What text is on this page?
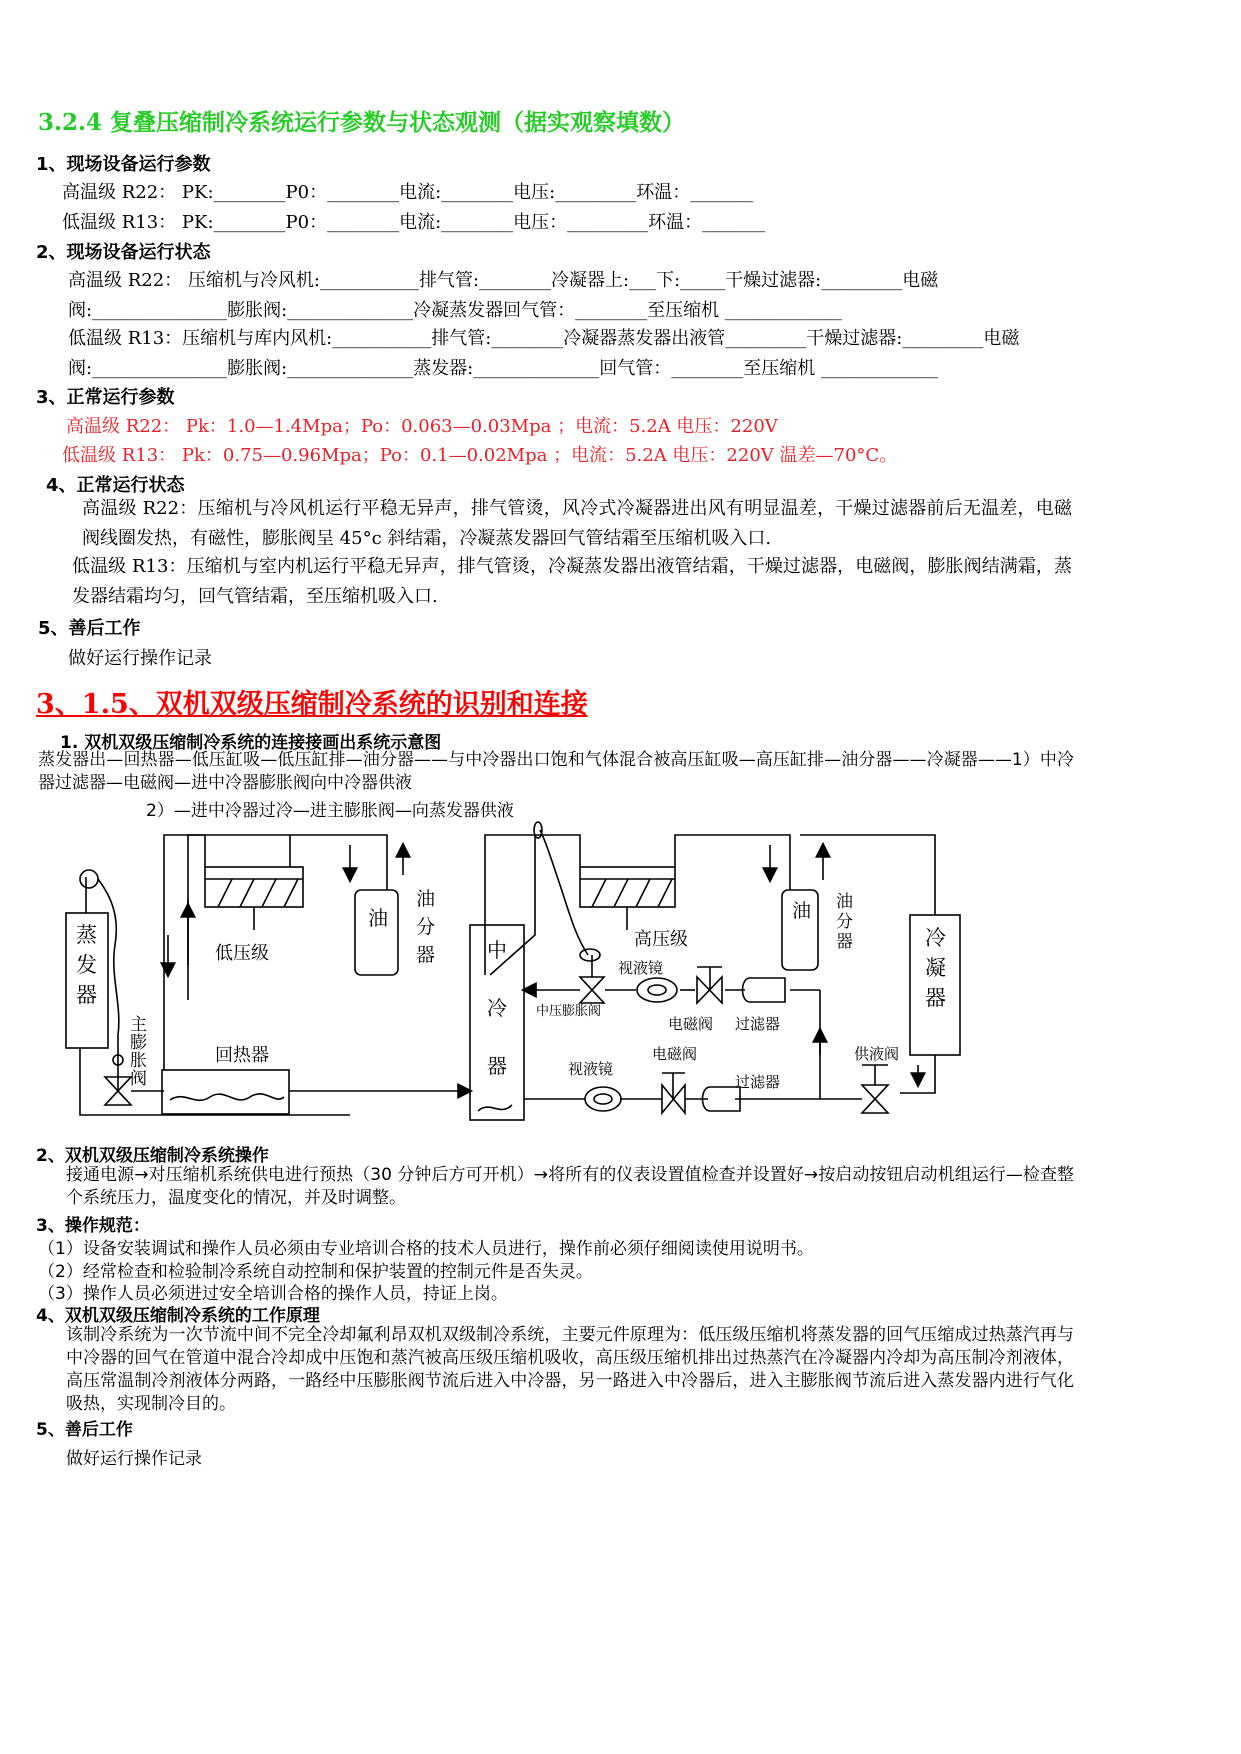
3.2.4 复叠压缩制冷系统运行参数与状态观测（据实观察填数）
1、现场设备运行参数
高温级 R22： PK:________P0：________电流:________电压:_________环温：_______
低温级 R13： PK:________P0：________电流:________电压：_________环温：_______
2、现场设备运行状态
高温级 R22： 压缩机与冷风机:___________排气管:________冷凝器上:___下:_____干燥过滤器:_________电磁
阀:_______________膨胀阀:______________冷凝蒸发器回气管：________至压缩机 _____________
低温级 R13：压缩机与库内风机:___________排气管:________冷凝器蒸发器出液管_________干燥过滤器:_________电磁
阀:_______________膨胀阀:______________蒸发器:______________回气管：________至压缩机 _____________
3、正常运行参数
高温级 R22： Pk：1.0—1.4Mpa；Po：0.063—0.03Mpa ；电流：5.2A 电压：220V
低温级 R13： Pk：0.75—0.96Mpa；Po：0.1—0.02Mpa ；电流：5.2A 电压：220V 温差—70°C。
4、正常运行状态
高温级 R22：压缩机与冷风机运行平稳无异声，排气管烫，风冷式冷凝器进出风有明显温差，干燥过滤器前后无温差，电磁阀线圈发热，有磁性，膨胀阀呈 45°c 斜结霜，冷凝蒸发器回气管结霜至压缩机吸入口.
低温级 R13：压缩机与室内机运行平稳无异声，排气管烫，冷凝蒸发器出液管结霜，干燥过滤器，电磁阀，膨胀阀结满霜，蒸发器结霜均匀，回气管结霜，至压缩机吸入口.
5、善后工作
做好运行操作记录
3、1.5、双机双级压缩制冷系统的识别和连接
1. 双机双级压缩制冷系统的连接接画出系统示意图
蒸发器出—回热器—低压缸吸—低压缸排—油分器——与中冷器出口饱和气体混合被高压缸吸—高压缸排—油分器——冷凝器——1）中冷器过滤器—电磁阀—进中冷器膨胀阀向中冷器供液
2）—进中冷器过冷—进主膨胀阀—向蒸发器供液
蒸
发
器
主
膨
胀
阀
低压级
回热器
油
油
分
器	中
冷
器
高压级
视液镜
中压膨胀阀
电磁阀 过滤器
视液镜
电磁阀
过滤器
油 油
分
器	冷
凝
器
供液阀
2、双机双级压缩制冷系统操作
接通电源→对压缩机系统供电进行预热（30 分钟后方可开机）→将所有的仪表设置值检查并设置好→按启动按钮启动机组运行—检查整个系统压力，温度变化的情况，并及时调整。
3、操作规范：
（1）设备安装调试和操作人员必须由专业培训合格的技术人员进行，操作前必须仔细阅读使用说明书。
（2）经常检查和检验制冷系统自动控制和保护装置的控制元件是否失灵。
（3）操作人员必须进过安全培训合格的操作人员，持证上岗。
4、双机双级压缩制冷系统的工作原理
该制冷系统为一次节流中间不完全冷却氟利昂双机双级制冷系统，主要元件原理为：低压级压缩机将蒸发器的回气压缩成过热蒸汽再与中冷器的回气在管道中混合冷却成中压饱和蒸汽被高压级压缩机吸收，高压级压缩机排出过热蒸汽在冷凝器内冷却为高压制冷剂液体，高压常温制冷剂液体分两路，一路经中压膨胀阀节流后进入中冷器，另一路进入中冷器后，进入主膨胀阀节流后进入蒸发器内进行气化吸热，实现制冷目的。
5、善后工作
做好运行操作记录
